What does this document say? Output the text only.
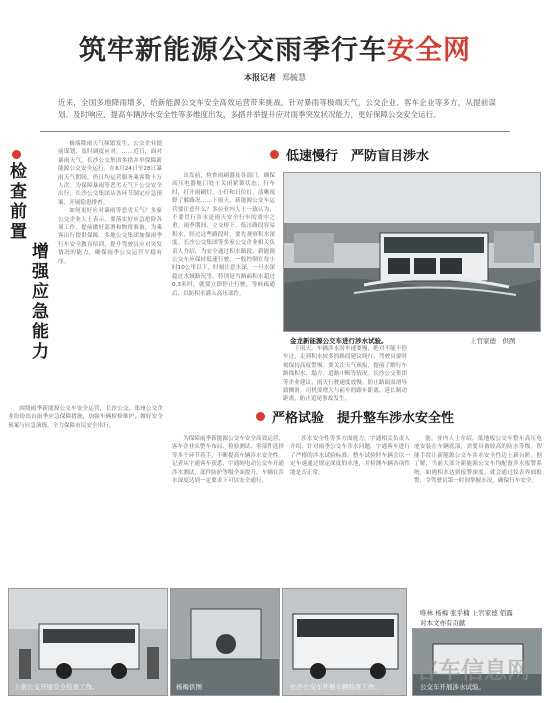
筑牢新能源公交雨季行车安全网
本报记者 郑毓慧
近来，全国多地降雨增多，给新能源公交车安全高效运营带来挑战。针对暴雨等极端天气，公交企业、客车企业等多方，从提前谋划、及时响应、提高车辆涉水安全性等多维度出发，多措并举提升应对雨季突发状况能力，更好保障公交安全运行。
检查前置
增强应急能力

极端降雨天气频繁发生，公交企业提前谋划、及时调度应对。……近日，面对暴雨天气，长沙公交集团多措并举保障新能源公交安全运行。在6月24日至28日暴雨天气期间，仍日均运营服务乘客数十万人次。为保障暴雨等恶劣天气下公交安全出行，长沙公交集团从各环节制定应急预案，开展隐患排查。

如何更好应对暴雨等恶劣天气？多家公交企业人士表示，要落实好应急抢险各项工作，提前做好部署和物资准备，为乘客出行提供保障。多地公交集团加强雨季行车安全教育培训，提升驾驶员应对突发情况的能力，确保雨季公交运营平稳有序。

围绕雨季新能源公交车安全运营，长沙公交、郑州公交企业纷纷出台雨季应急保障措施，加强车辆检修维护，做好安全预案与应急演练，全力保障市民安全出行。

低速慢行　严防盲目涉水

出发前，检查雨刷器及各部门，确保高压电器舱门处于关闭紧锁状态；行车时，打开雨刷灯，小灯和日位灯，清晰视野了解路况……下雨天，新能源公交车运营要注意什么？多位业内人士一致认为，不要冒行涉水是雨天安全行车的重中之重。雨季期间，立交桥下、低洼路段容易积水，经过这些路段时，要先观察积水深度。长沙公交集团等多家公交企业相关负责人介绍，为安全通过积水路段，新能源公交车应保持低速行驶，一般控制在每小时10公里以下，时刻注意水深，一旦水深超过水域路况等。特别是当路面积水超过0.3米时，就要立即停止行驶，等候疏通后，以防积水灌入高压部件。

金龙新能源公交车进行涉水试验。	上官家德　供图

下雨天，车辆涉水时车速要慢，绝对不能不停车过，走到积水较多的路段建议绕行，驾驶员要时刻保持高度警惕。要关注天气预报，提前了解行车路线积水、塌方、道路中断等情况。长沙公交集团等企业建议，雨天行驶速度放慢，防止路面湿滑导致侧滑。司机要增大与前车的跟车距离，延长制动距离，防止追尾事故发生。

严格试验　提升整车涉水安全性

为保障雨季新能源公交车安全高效运营，客车企业从整车布局、检验测试、零部件选择等多个环节着手，不断提高车辆涉水安全性。记者从宇通客车获悉，宇通纯电动公交车开通涉水测试，部件防护等级全面提升，车辆在涉水深度达到一定要求下可以安全通行。

涉水安全性等多方面能力。宇通相关负责人介绍，针对雨季公交车涉水问题，宇通客车进行了严格的涉水试验标准。整车试验时车辆会以一定车速通过规定深度的水池，并检测车辆各项性能是否正常。

能。业内人士介绍，低地板公交车整车高压电池安装在车辆底部，需要具备较高的防水等级。智能手段让新能源公交车涉水安全性迈上新台阶。据了解，当前大部分新能源公交车均配备涉水报警系统，如遇积水达到报警深度，就会通过仪表界面报警，令驾驶员第一时间掌握水况，确保行车安全。

唯林 杨梅 张乎楠 上官家德 佰露
对本文亦有贡献
上南公交开展安全检查工作。	杨梅供图	长沙公交车开展车辆检查工作。	公交车开展涉水试验。
客车信息网
